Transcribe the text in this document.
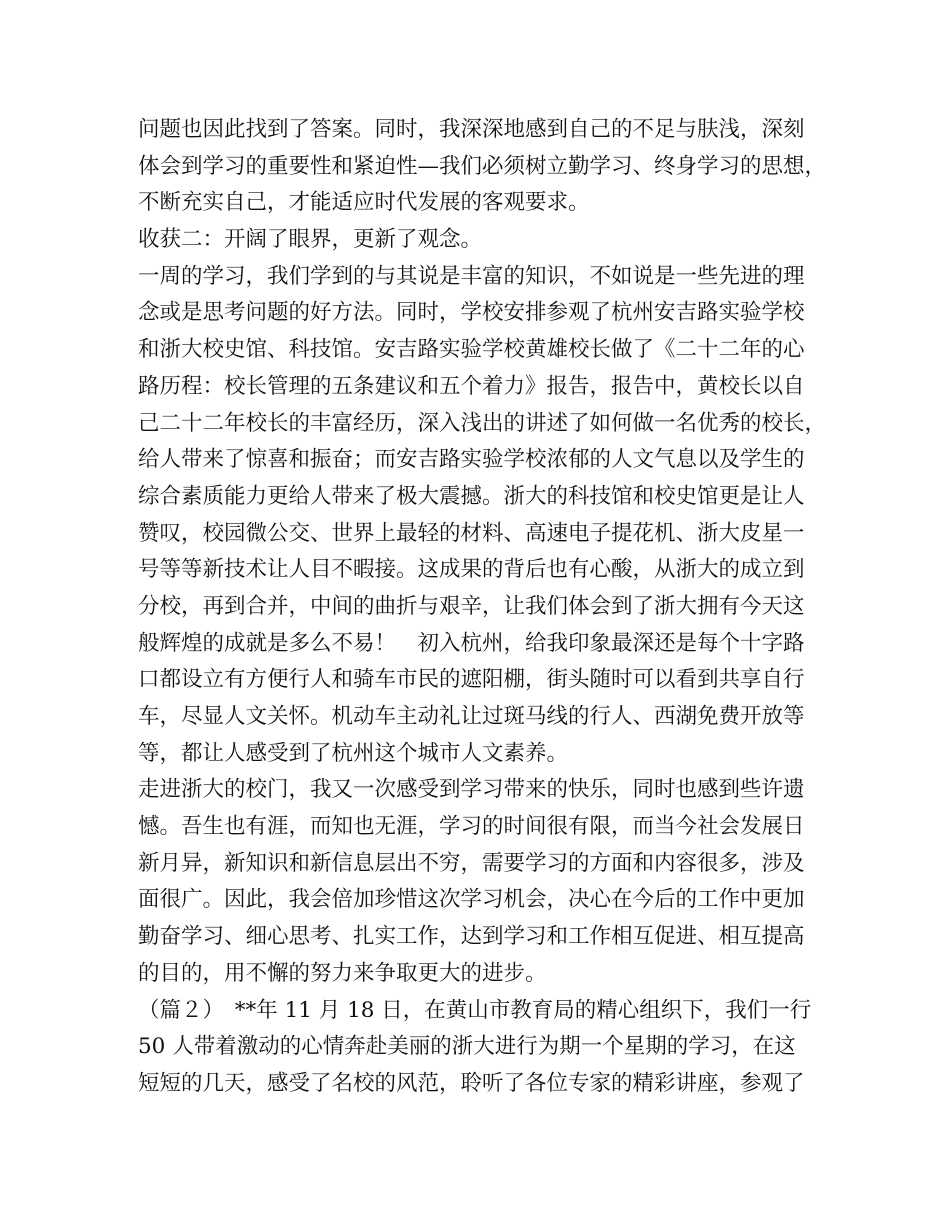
问题也因此找到了答案。同时，我深深地感到自己的不足与肤浅，深刻
体会到学习的重要性和紧迫性—我们必须树立勤学习、终身学习的思想，
不断充实自己，才能适应时代发展的客观要求。
收获二：开阔了眼界，更新了观念。
一周的学习，我们学到的与其说是丰富的知识，不如说是一些先进的理
念或是思考问题的好方法。同时，学校安排参观了杭州安吉路实验学校
和浙大校史馆、科技馆。安吉路实验学校黄雄校长做了《二十二年的心
路历程：校长管理的五条建议和五个着力》报告，报告中，黄校长以自
己二十二年校长的丰富经历，深入浅出的讲述了如何做一名优秀的校长，
给人带来了惊喜和振奋；而安吉路实验学校浓郁的人文气息以及学生的
综合素质能力更给人带来了极大震撼。浙大的科技馆和校史馆更是让人
赞叹，校园微公交、世界上最轻的材料、高速电子提花机、浙大皮星一
号等等新技术让人目不暇接。这成果的背后也有心酸，从浙大的成立到
分校，再到合并，中间的曲折与艰辛，让我们体会到了浙大拥有今天这
般辉煌的成就是多么不易！　初入杭州，给我印象最深还是每个十字路
口都设立有方便行人和骑车市民的遮阳棚，街头随时可以看到共享自行
车，尽显人文关怀。机动车主动礼让过斑马线的行人、西湖免费开放等
等，都让人感受到了杭州这个城市人文素养。
走进浙大的校门，我又一次感受到学习带来的快乐，同时也感到些许遗
憾。吾生也有涯，而知也无涯，学习的时间很有限，而当今社会发展日
新月异，新知识和新信息层出不穷，需要学习的方面和内容很多，涉及
面很广。因此，我会倍加珍惜这次学习机会，决心在今后的工作中更加
勤奋学习、细心思考、扎实工作，达到学习和工作相互促进、相互提高
的目的，用不懈的努力来争取更大的进步。
（篇２）　**年 11 月 18 日，在黄山市教育局的精心组织下，我们一行
50 人带着激动的心情奔赴美丽的浙大进行为期一个星期的学习，在这
短短的几天，感受了名校的风范，聆听了各位专家的精彩讲座，参观了
